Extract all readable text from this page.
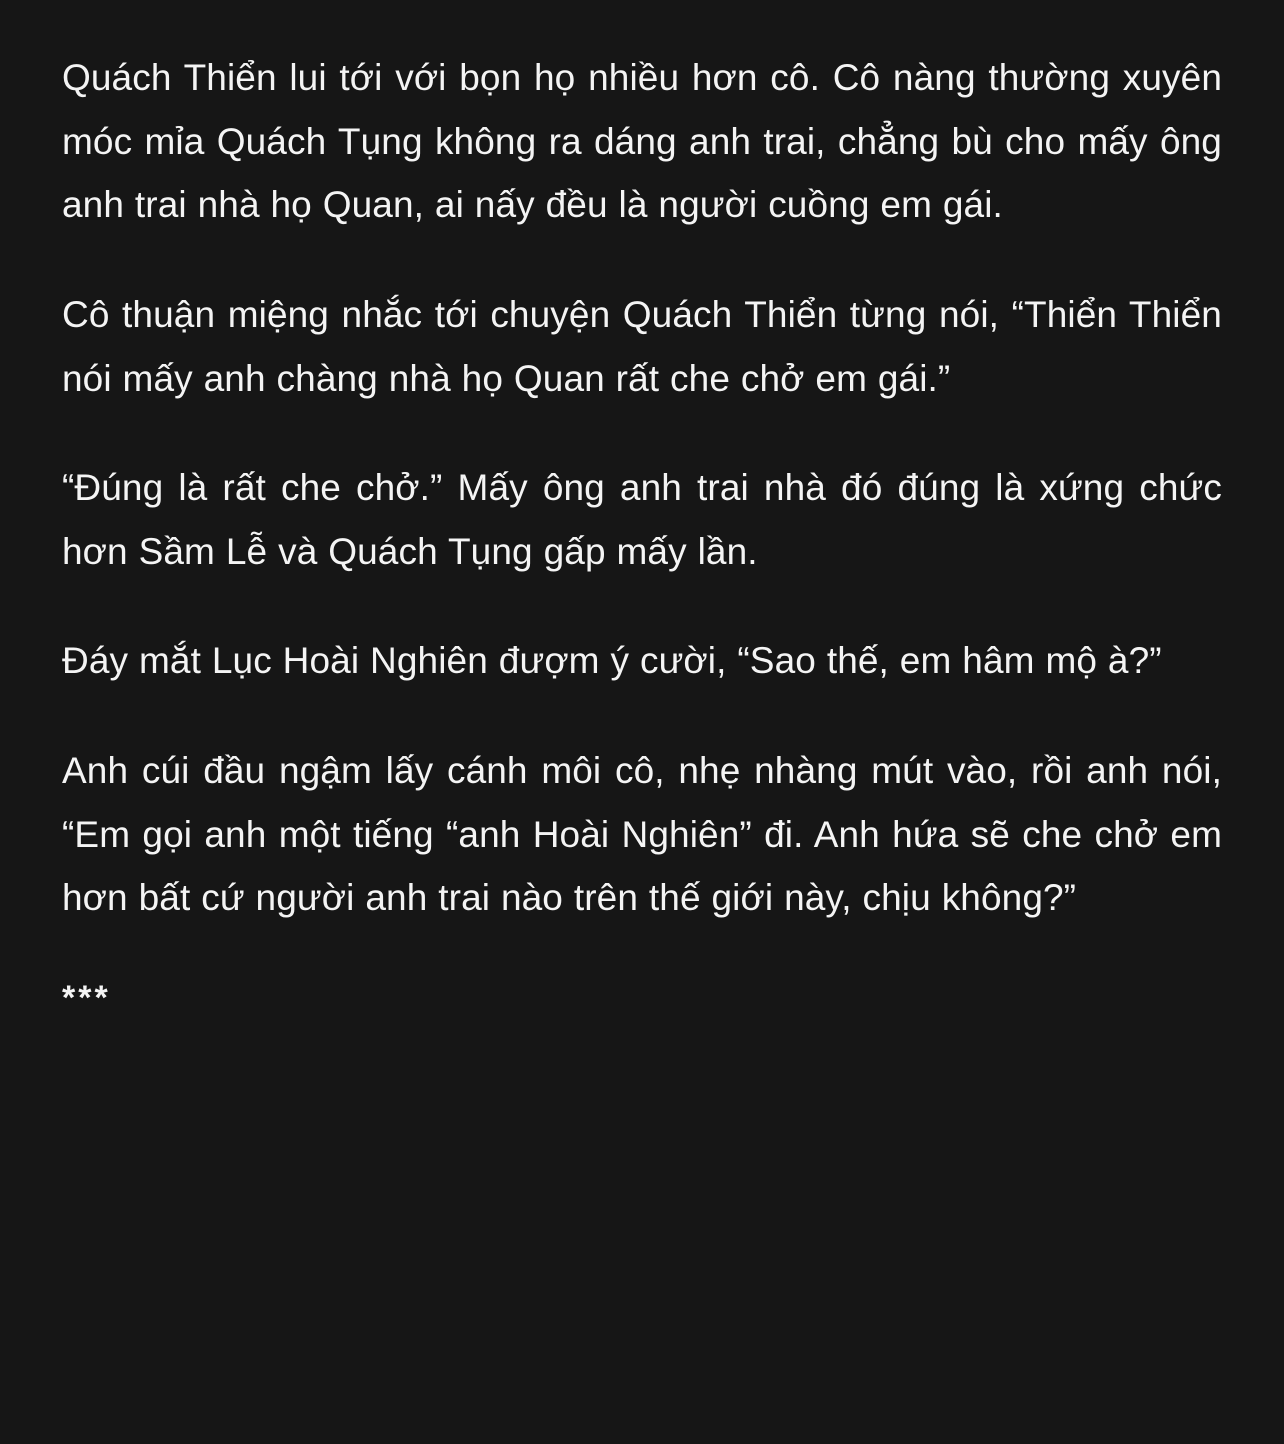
Quách Thiển lui tới với bọn họ nhiều hơn cô. Cô nàng thường xuyên móc mỉa Quách Tụng không ra dáng anh trai, chẳng bù cho mấy ông anh trai nhà họ Quan, ai nấy đều là người cuồng em gái.

Cô thuận miệng nhắc tới chuyện Quách Thiển từng nói, “Thiển Thiển nói mấy anh chàng nhà họ Quan rất che chở em gái.”

“Đúng là rất che chở.” Mấy ông anh trai nhà đó đúng là xứng chức hơn Sầm Lễ và Quách Tụng gấp mấy lần.

Đáy mắt Lục Hoài Nghiên đượm ý cười, “Sao thế, em hâm mộ à?”

Anh cúi đầu ngậm lấy cánh môi cô, nhẹ nhàng mút vào, rồi anh nói, “Em gọi anh một tiếng “anh Hoài Nghiên” đi. Anh hứa sẽ che chở em hơn bất cứ người anh trai nào trên thế giới này, chịu không?”

***
